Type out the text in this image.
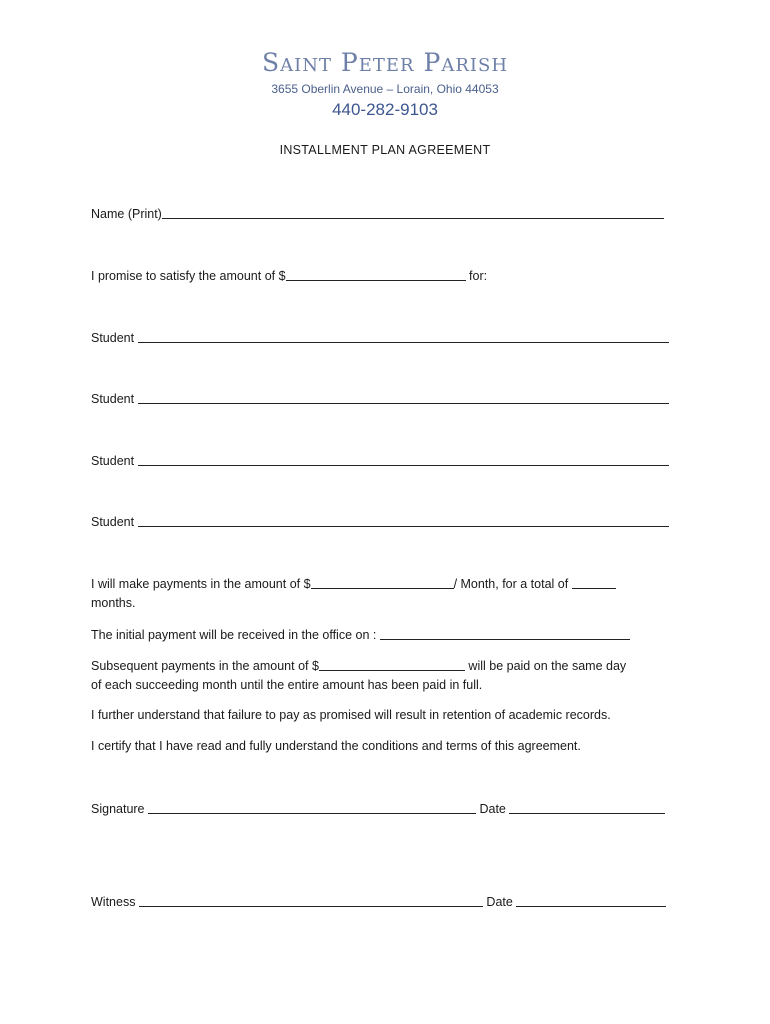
Saint Peter Parish
3655 Oberlin Avenue – Lorain, Ohio 44053
440-282-9103
INSTALLMENT PLAN AGREEMENT
Name (Print)
I promise to satisfy the amount of $	for:
Student
Student
Student
Student
I will make payments in the amount of $	/ Month, for a total of
months.
The initial payment will be received in the office on :
Subsequent payments in the amount of $	will be paid on the same day
of each succeeding month until the entire amount has been paid in full.
I further understand that failure to pay as promised will result in retention of academic records.
I certify that I have read and fully understand the conditions and terms of this agreement.
Signature	Date
Witness	Date
